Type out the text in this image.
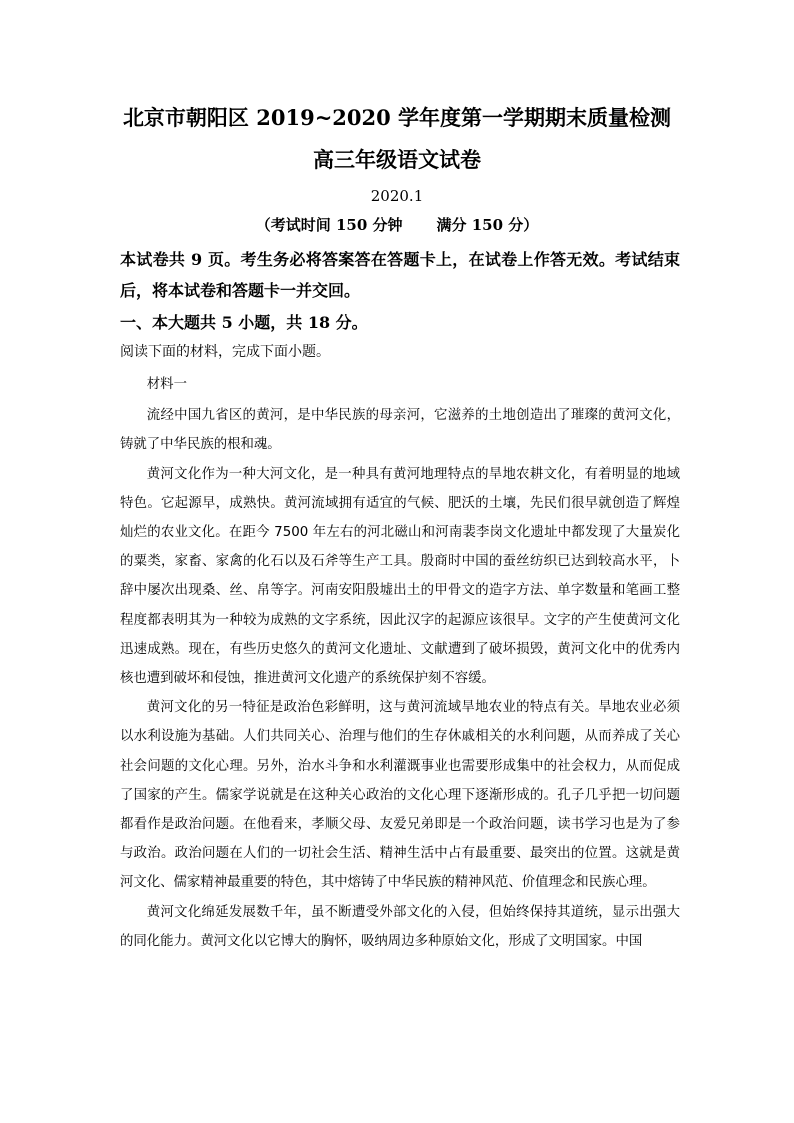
北京市朝阳区 2019~2020 学年度第一学期期末质量检测
高三年级语文试卷
2020.1
（考试时间 150 分钟 满分 150 分）
本试卷共 9 页。考生务必将答案答在答题卡上，在试卷上作答无效。考试结束后，将本试卷和答题卡一并交回。
一、本大题共 5 小题，共 18 分。
阅读下面的材料，完成下面小题。

材料一

流经中国九省区的黄河，是中华民族的母亲河，它滋养的土地创造出了璀璨的黄河文化，铸就了中华民族的根和魂。

黄河文化作为一种大河文化，是一种具有黄河地理特点的旱地农耕文化，有着明显的地域特色。它起源早，成熟快。黄河流域拥有适宜的气候、肥沃的土壤，先民们很早就创造了辉煌灿烂的农业文化。在距今 7500 年左右的河北磁山和河南裴李岗文化遗址中都发现了大量炭化的粟类，家畜、家禽的化石以及石斧等生产工具。殷商时中国的蚕丝纺织已达到较高水平，卜辞中屡次出现桑、丝、帛等字。河南安阳殷墟出土的甲骨文的造字方法、单字数量和笔画工整程度都表明其为一种较为成熟的文字系统，因此汉字的起源应该很早。文字的产生使黄河文化迅速成熟。现在，有些历史悠久的黄河文化遗址、文献遭到了破坏损毁，黄河文化中的优秀内核也遭到破坏和侵蚀，推进黄河文化遗产的系统保护刻不容缓。

黄河文化的另一特征是政治色彩鲜明，这与黄河流域旱地农业的特点有关。旱地农业必须以水利设施为基础。人们共同关心、治理与他们的生存休戚相关的水利问题，从而养成了关心社会问题的文化心理。另外，治水斗争和水利灌溉事业也需要形成集中的社会权力，从而促成了国家的产生。儒家学说就是在这种关心政治的文化心理下逐渐形成的。孔子几乎把一切问题都看作是政治问题。在他看来，孝顺父母、友爱兄弟即是一个政治问题，读书学习也是为了参与政治。政治问题在人们的一切社会生活、精神生活中占有最重要、最突出的位置。这就是黄河文化、儒家精神最重要的特色，其中熔铸了中华民族的精神风范、价值理念和民族心理。

黄河文化绵延发展数千年，虽不断遭受外部文化的入侵，但始终保持其道统，显示出强大的同化能力。黄河文化以它博大的胸怀，吸纳周边多种原始文化，形成了文明国家。中国
